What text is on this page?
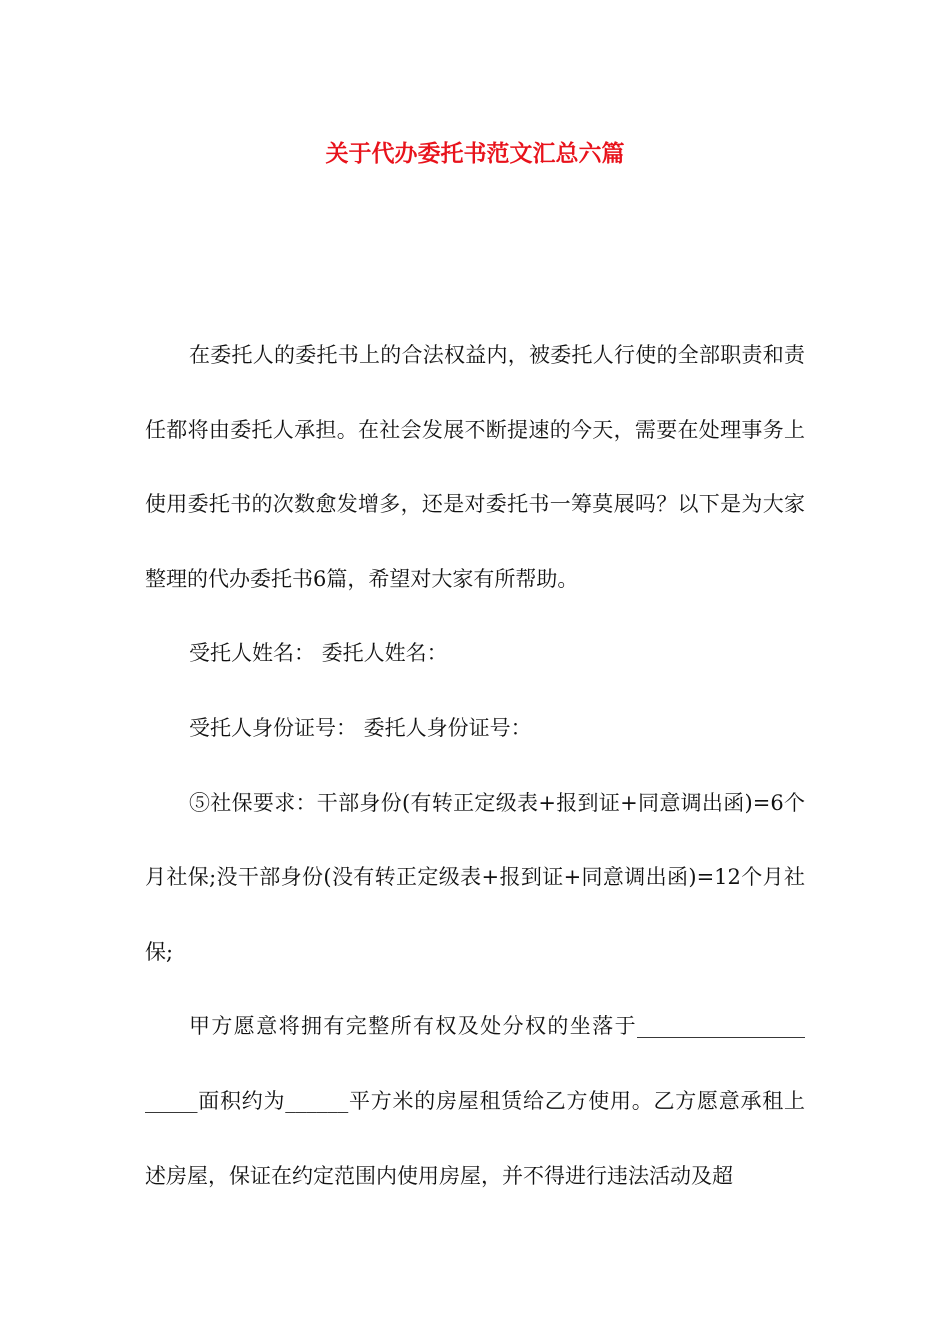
关于代办委托书范文汇总六篇

在委托人的委托书上的合法权益内，被委托人行使的全部职责和责任都将由委托人承担。在社会发展不断提速的今天，需要在处理事务上使用委托书的次数愈发增多，还是对委托书一筹莫展吗？以下是为大家整理的代办委托书6篇，希望对大家有所帮助。

受托人姓名： 委托人姓名：

受托人身份证号： 委托人身份证号：

⑤社保要求：干部身份(有转正定级表+报到证+同意调出函)=6个月社保;没干部身份(没有转正定级表+报到证+同意调出函)=12个月社保;

甲方愿意将拥有完整所有权及处分权的坐落于________________ _____面积约为______平方米的房屋租赁给乙方使用。乙方愿意承租上述房屋，保证在约定范围内使用房屋，并不得进行违法活动及超
